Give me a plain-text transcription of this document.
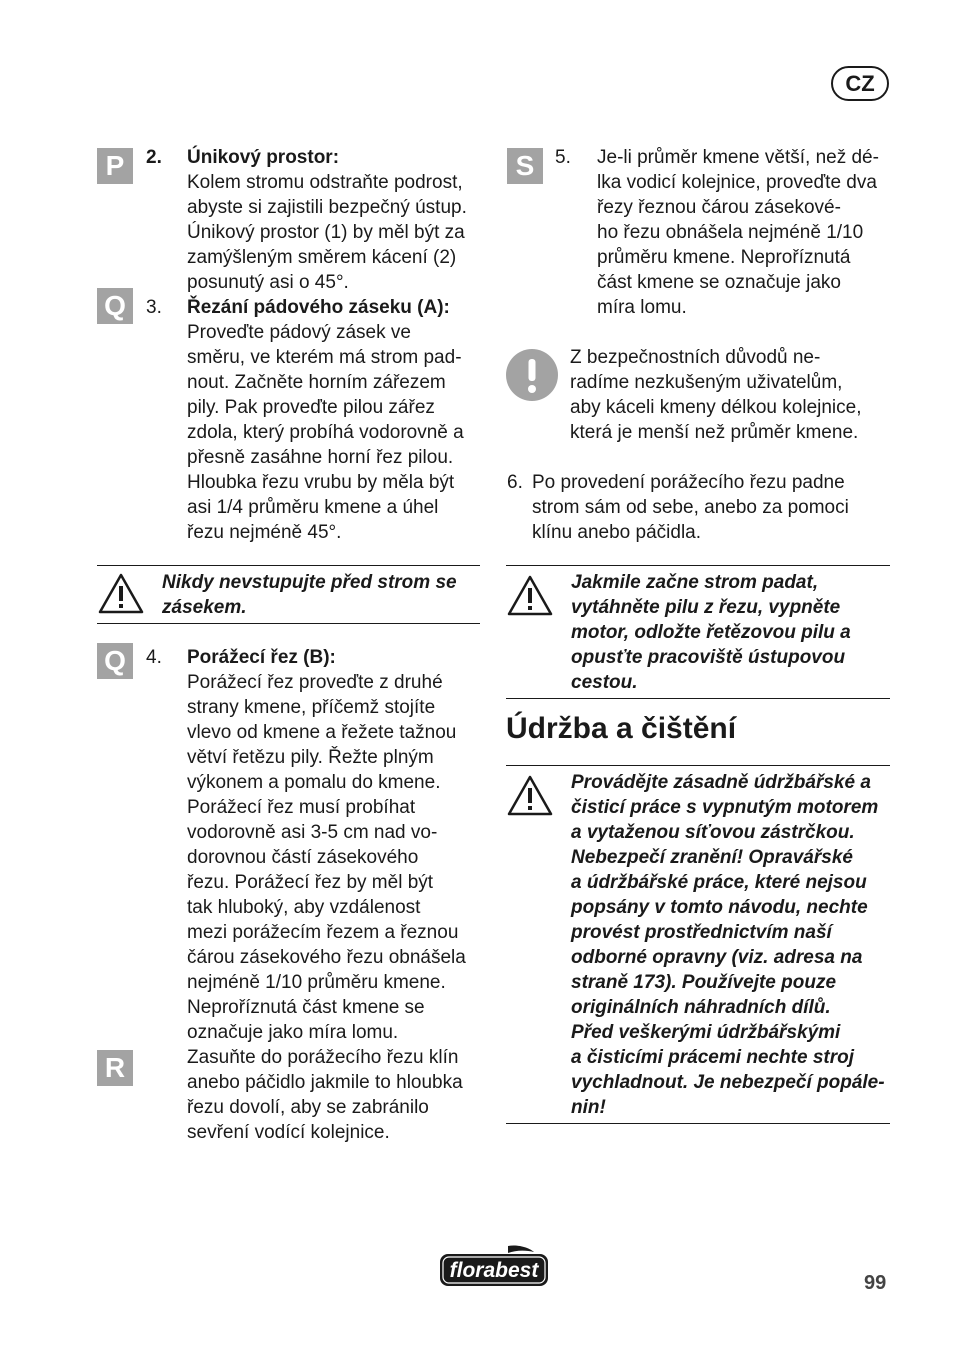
CZ
P	2. Únikový prostor:
Kolem stromu odstraňte podrost,
abyste si zajistili bezpečný ústup.
Únikový prostor (1) by měl být za
zamýšleným směrem kácení (2)
posunutý asi o 45°.
Q	3. Řezání pádového záseku (A):
Proveďte pádový zásek ve
směru, ve kterém má strom pad-
nout. Začněte horním zářezem
pily. Pak proveďte pilou zářez
zdola, který probíhá vodorovně a
přesně zasáhne horní řez pilou.
Hloubka řezu vrubu by měla být
asi 1/4 průměru kmene a úhel
řezu nejméně 45°.
Nikdy nevstupujte před strom se
zásekem.
Q	4. Porážecí řez (B):
Porážecí řez proveďte z druhé
strany kmene, příčemž stojíte
vlevo od kmene a řežete tažnou
větví řetězu pily. Řežte plným
výkonem a pomalu do kmene.
Porážecí řez musí probíhat
vodorovně asi 3-5 cm nad vo-
dorovnou částí zásekového
řezu. Porážecí řez by měl být
tak hluboký, aby vzdálenost
mezi porážecím řezem a řeznou
čárou zásekového řezu obnášela
nejméně 1/10 průměru kmene.
Neproříznutá část kmene se
označuje jako míra lomu.
R	Zasuňte do porážecího řezu klín
anebo páčidlo jakmile to hloubka
řezu dovolí, aby se zabránilo
sevření vodící kolejnice.
S	5. Je-li průměr kmene větší, než dé-
lka vodicí kolejnice, proveďte dva
řezy řeznou čárou zásekové-
ho řezu obnášela nejméně 1/10
průměru kmene. Neproříznutá
část kmene se označuje jako
míra lomu.
Z bezpečnostních důvodů ne-
radíme nezkušeným uživatelům,
aby káceli kmeny délkou kolejnice,
která je menší než průměr kmene.
6. Po provedení porážecího řezu padne
strom sám od sebe, anebo za pomoci
klínu anebo páčidla.
Jakmile začne strom padat,
vytáhněte pilu z řezu, vypněte
motor, odložte řetězovou pilu a
opusťte pracoviště ústupovou
cestou.
Údržba a čištění
Provádějte zásadně údržbářské a
čisticí práce s vypnutým motorem
a vytaženou síťovou zástrčkou.
Nebezpečí zranění! Opravářské
a údržbářské práce, které nejsou
popsány v tomto návodu, nechte
provést prostřednictvím naší
odborné opravny (viz. adresa na
straně 173). Používejte pouze
originálních náhradních dílů.
Před veškerými údržbářskými
a čisticími prácemi nechte stroj
vychladnout. Je nebezpečí popále-
nin!
florabest
99
